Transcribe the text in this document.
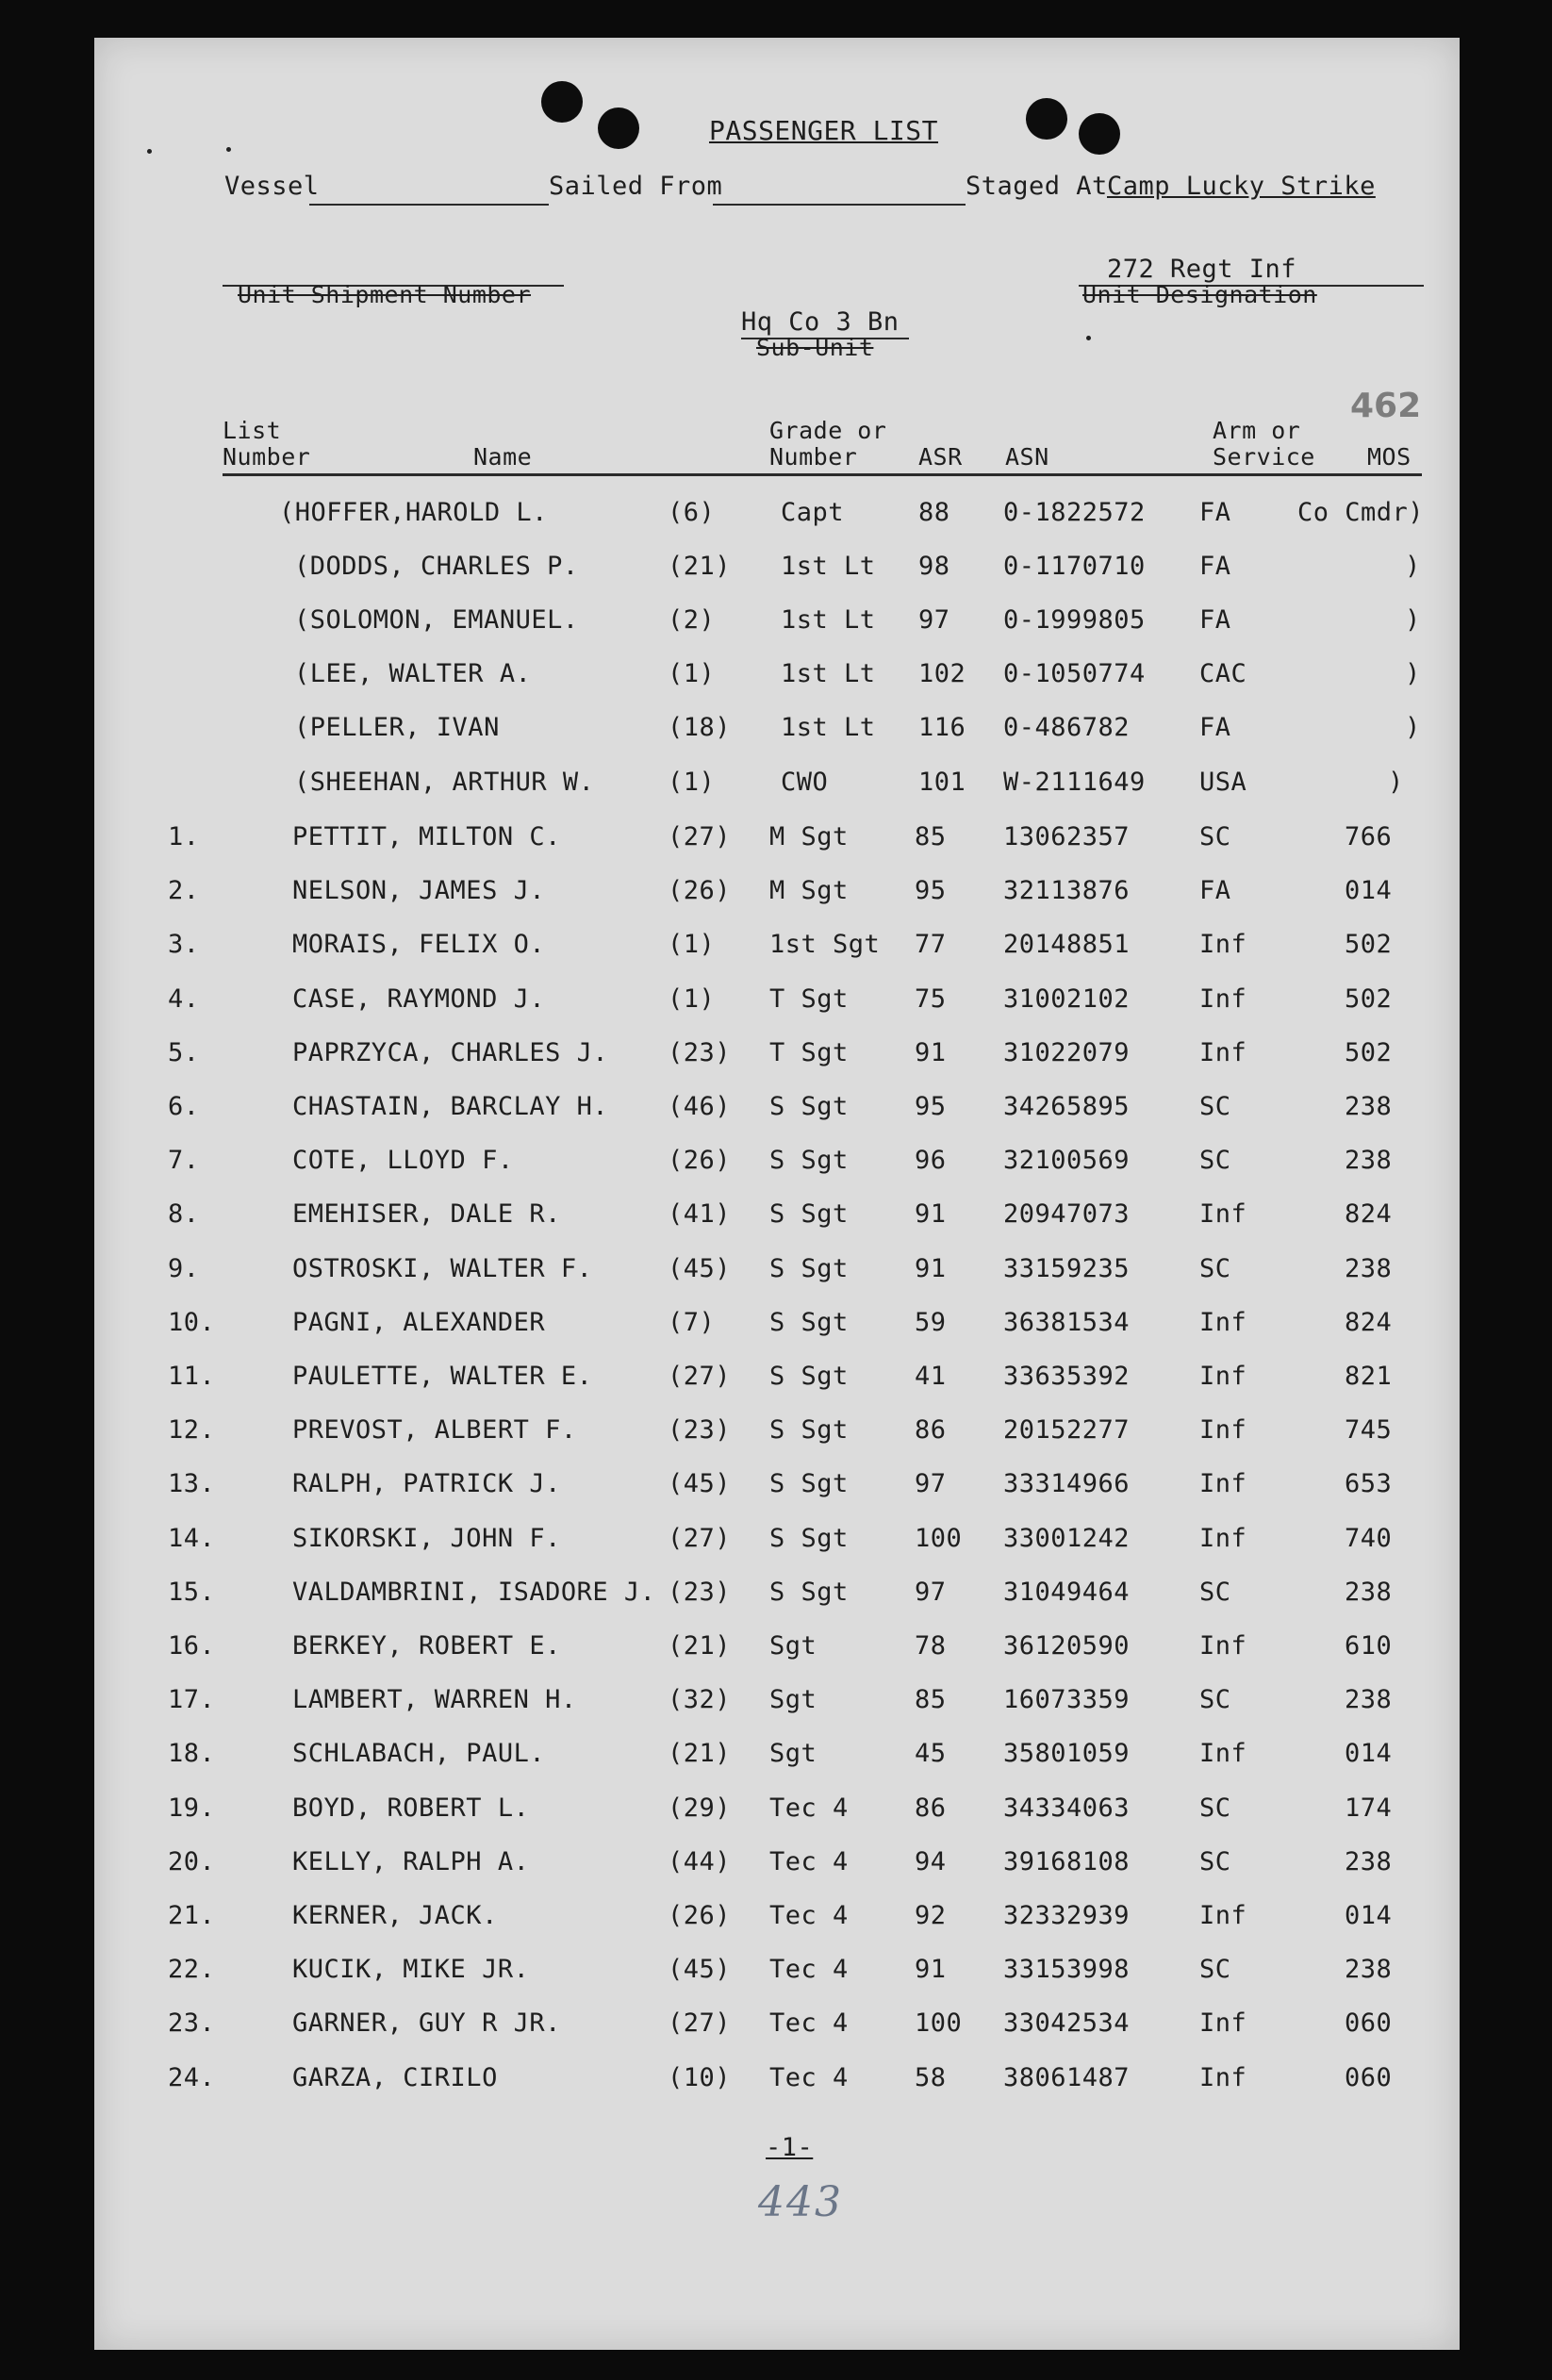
PASSENGER LIST
Vessel	Sailed From	Staged At Camp Lucky Strike
272 Regt Inf
Unit Designation
Unit Shipment Number
Hq Co 3 Bn
Sub-Unit
462
List
Number	Name
Grade or
Number	ASR ASN
Arm or
Service MOS
(HOFFER,HAROLD L.	(6)	Capt	88 0-1822572 FA	Co Cmdr)
(DODDS, CHARLES P.	(21) 1st Lt 98 0-1170710 FA	)
(SOLOMON, EMANUEL.	(2)	1st Lt 97 0-1999805 FA	)
(LEE, WALTER A.	(1)	1st Lt 102 0-1050774 CAC	)
(PELLER, IVAN	(18) 1st Lt 116 0-486782	FA	)
(SHEEHAN, ARTHUR W.	(1)	CWO	101 W-2111649 USA	)
1.	PETTIT, MILTON C.	(27) M Sgt	85 13062357	SC	766
2.	NELSON, JAMES J.	(26) M Sgt	95 32113876	FA	014
3.	MORAIS, FELIX O.	(1) 1st Sgt 77 20148851	Inf	502
4.	CASE, RAYMOND J.	(1) T Sgt	75 31002102	Inf	502
5.	PAPRZYCA, CHARLES J. (23) T Sgt	91 31022079	Inf	502
6.	CHASTAIN, BARCLAY H. (46) S Sgt	95 34265895	SC	238
7.	COTE, LLOYD F.	(26) S Sgt	96 32100569	SC	238
8.	EMEHISER, DALE R.	(41) S Sgt	91 20947073	Inf	824
9.	OSTROSKI, WALTER F.	(45) S Sgt	91 33159235	SC	238
10.	PAGNI, ALEXANDER	(7) S Sgt	59 36381534	Inf	824
11.	PAULETTE, WALTER E.	(27) S Sgt	41 33635392	Inf	821
12.	PREVOST, ALBERT F.	(23) S Sgt	86 20152277	Inf	745
13.	RALPH, PATRICK J.	(45) S Sgt	97 33314966	Inf	653
14.	SIKORSKI, JOHN F.	(27) S Sgt	100 33001242	Inf	740
15.	VALDAMBRINI, ISADORE J. (23) S Sgt	97 31049464	SC	238
16.	BERKEY, ROBERT E.	(21) Sgt	78 36120590	Inf	610
17.	LAMBERT, WARREN H.	(32) Sgt	85 16073359	SC	238
18.	SCHLABACH, PAUL.	(21) Sgt	45 35801059	Inf	014
19.	BOYD, ROBERT L.	(29) Tec 4	86 34334063	SC	174
20.	KELLY, RALPH A.	(44) Tec 4	94 39168108	SC	238
21.	KERNER, JACK.	(26) Tec 4	92 32332939	Inf	014
22.	KUCIK, MIKE JR.	(45) Tec 4	91 33153998	SC	238
23.	GARNER, GUY R JR.	(27) Tec 4	100 33042534	Inf	060
24.	GARZA, CIRILO	(10) Tec 4	58 38061487	Inf	060
-1-
443
